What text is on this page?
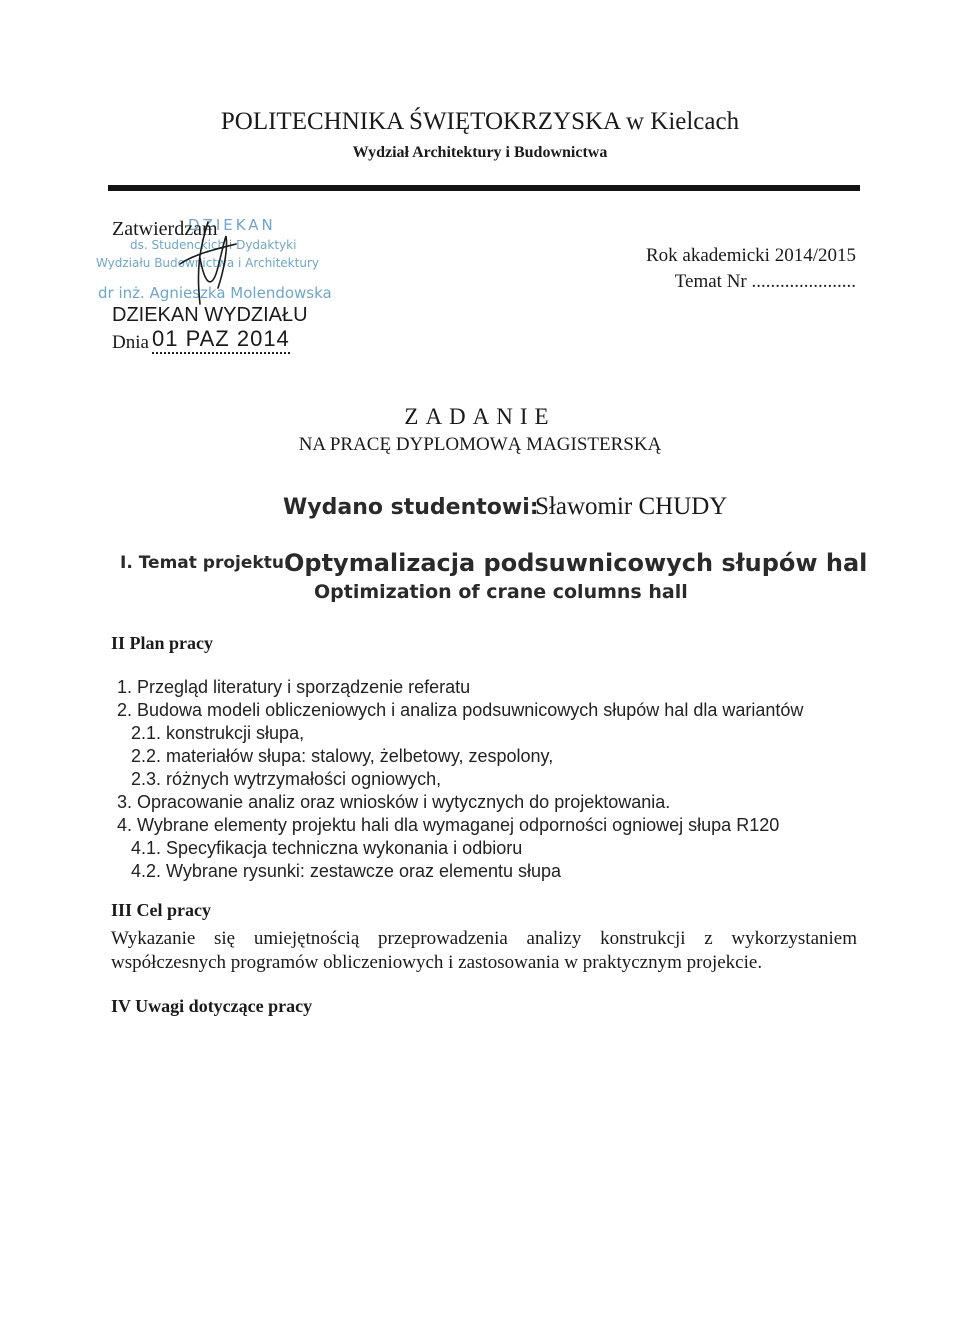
POLITECHNIKA ŚWIĘTOKRZYSKA w Kielcach
Wydział Architektury i Budownictwa
DZIEKAN
ds. Studenckich i Dydaktyki
Wydziału Budownictwa i Architektury
dr inż. Agnieszka Molendowska
Zatwierdzam
DZIEKAN WYDZIAŁU
Dnia 01 PAZ 2014
Rok akademicki 2014/2015
Temat Nr ......................
ZADANIE
NA PRACĘ DYPLOMOWĄ MAGISTERSKĄ
Wydano studentowi:
Sławomir CHUDY
I. Temat projektu:
Optymalizacja podsuwnicowych słupów hal
Optimization of crane columns hall
II Plan pracy
1. Przegląd literatury i sporządzenie referatu
2. Budowa modeli obliczeniowych i analiza podsuwnicowych słupów hal dla wariantów
2.1. konstrukcji słupa,
2.2. materiałów słupa: stalowy, żelbetowy, zespolony,
2.3. różnych wytrzymałości ogniowych,
3. Opracowanie analiz oraz wniosków i wytycznych do projektowania.
4. Wybrane elementy projektu hali dla wymaganej odporności ogniowej słupa R120
4.1. Specyfikacja techniczna wykonania i odbioru
4.2. Wybrane rysunki: zestawcze oraz elementu słupa
III Cel pracy
Wykazanie się umiejętnością przeprowadzenia analizy konstrukcji z wykorzystaniem współczesnych programów obliczeniowych i zastosowania w praktycznym projekcie.
IV Uwagi dotyczące pracy
